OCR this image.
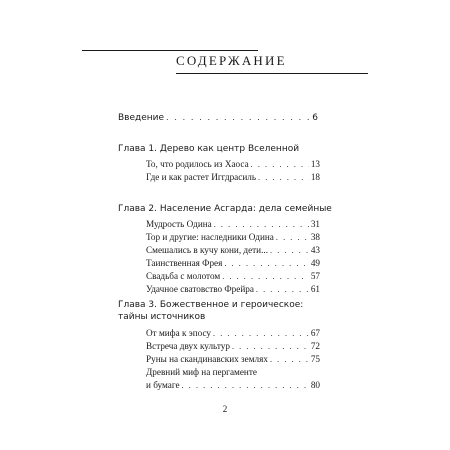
СОДЕРЖАНИЕ
Введение . . .	6
Глава 1. Дерево как центр Вселенной
То, что родилось из Хаоса . . .	13
Где и как растет Иггдрасиль . . .	18
Глава 2. Население Асгарда: дела семейные
Мудрость Одина . . .	31
Тор и другие: наследники Одина . . .	38
Смешались в кучу кони, дети... . . .	43
Таинственная Фрея . . .	49
Свадьба с молотом . . .	57
Удачное сватовство Фрейра . . .	61
Глава 3. Божественное и героическое:
тайны источников
От мифа к эпосу . . .	67
Встреча двух культур . . .	72
Руны на скандинавских землях . . .	75
Древний миф на пергаменте
и бумаге . . .	80
2
